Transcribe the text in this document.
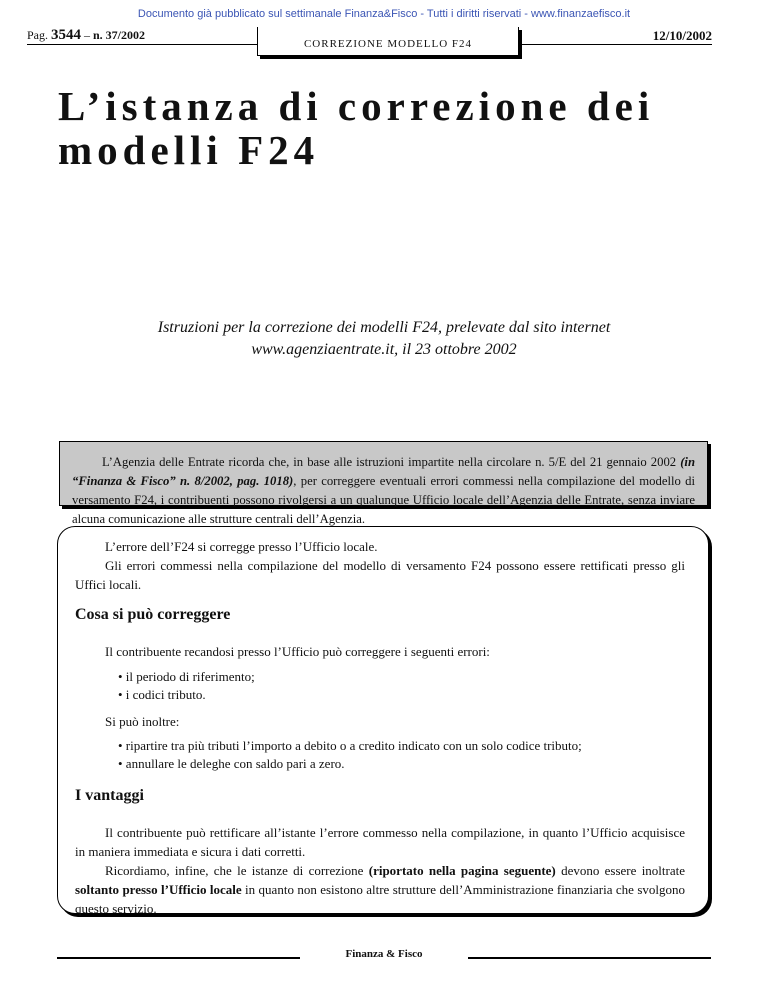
Documento già pubblicato sul settimanale Finanza&Fisco - Tutti i diritti riservati - www.finanzaefisco.it
Pag. 3544 – n. 37/2002
CORREZIONE MODELLO F24
12/10/2002
L’istanza di correzione dei
modelli F24
Istruzioni per la correzione dei modelli F24, prelevate dal sito internet
www.agenziaentrate.it, il 23 ottobre 2002

L’Agenzia delle Entrate ricorda che, in base alle istruzioni impartite nella circolare n. 5/E del 21 gennaio 2002 (in “Finanza & Fisco” n. 8/2002, pag. 1018), per correggere eventuali errori commessi nella compilazione del modello di versamento F24, i contribuenti possono rivolgersi a un qualunque Ufficio locale dell’Agenzia delle Entrate, senza inviare alcuna comunicazione alle strutture centrali dell’Agenzia.

L’errore dell’F24 si corregge presso l’Ufficio locale.

Gli errori commessi nella compilazione del modello di versamento F24 possono essere rettificati presso gli Uffici locali.

Cosa si può correggere

Il contribuente recandosi presso l’Ufficio può correggere i seguenti errori:

• il periodo di riferimento;
• i codici tributo.

Si può inoltre:

• ripartire tra più tributi l’importo a debito o a credito indicato con un solo codice tributo;
• annullare le deleghe con saldo pari a zero.
I vantaggi

Il contribuente può rettificare all’istante l’errore commesso nella compilazione, in quanto l’Ufficio acquisisce in maniera immediata e sicura i dati corretti.

Ricordiamo, infine, che le istanze di correzione (riportato nella pagina seguente) devono essere inoltrate soltanto presso l’Ufficio locale in quanto non esistono altre strutture dell’Amministrazione finanziaria che svolgono questo servizio.

Finanza & Fisco
